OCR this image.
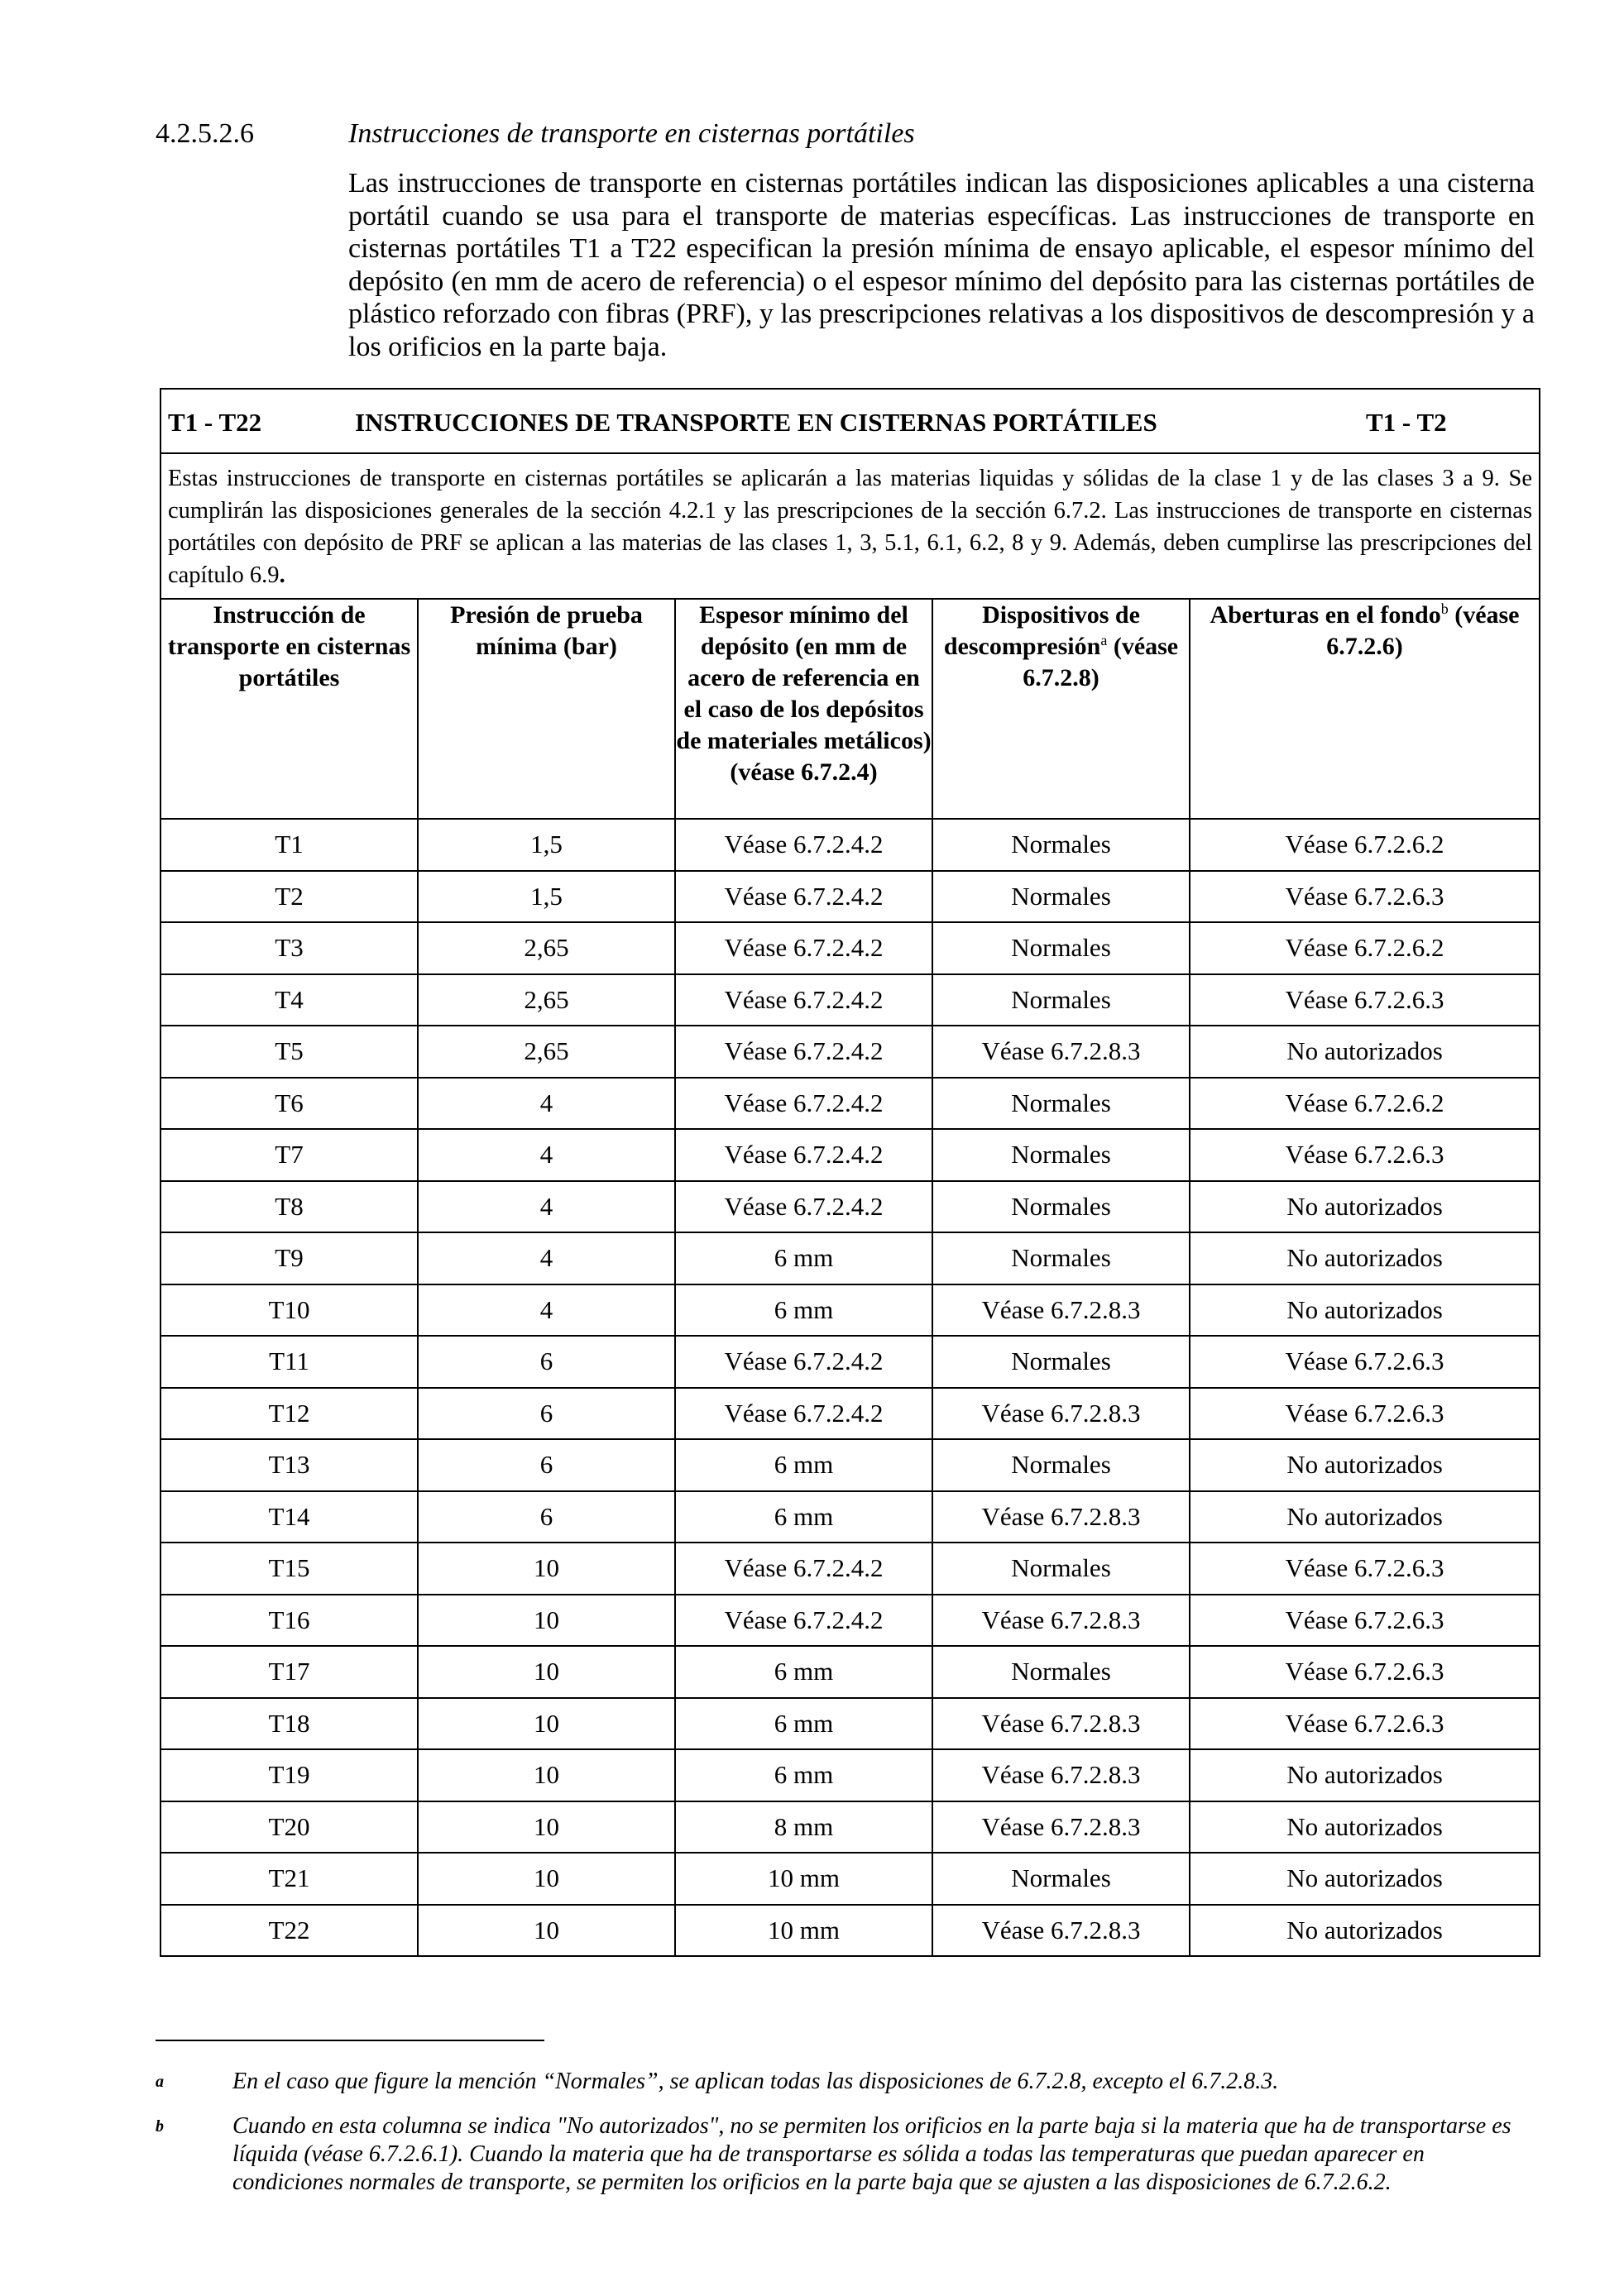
4.2.5.2.6	Instrucciones de transporte en cisternas portátiles

Las instrucciones de transporte en cisternas portátiles indican las disposiciones aplicables a una cisterna portátil cuando se usa para el transporte de materias específicas. Las instrucciones de transporte en cisternas portátiles T1 a T22 especifican la presión mínima de ensayo aplicable, el espesor mínimo del depósito (en mm de acero de referencia) o el espesor mínimo del depósito para las cisternas portátiles de plástico reforzado con fibras (PRF), y las prescripciones relativas a los dispositivos de descompresión y a los orificios en la parte baja.

T1 - T22 INSTRUCCIONES DE TRANSPORTE EN CISTERNAS PORTÁTILES T1 - T2				

Estas instrucciones de transporte en cisternas portátiles se aplicarán a las materias liquidas y sólidas de la clase 1 y de las clases 3 a 9. Se cumplirán las disposiciones generales de la sección 4.2.1 y las prescripciones de la sección 6.7.2. Las instrucciones de transporte en cisternas portátiles con depósito de PRF se aplican a las materias de las clases 1, 3, 5.1, 6.1, 6.2, 8 y 9. Además, deben cumplirse las prescripciones del capítulo 6.9.				
Instrucción de transporte en cisternas portátiles	Presión de prueba mínima (bar)	Espesor mínimo del depósito (en mm de acero de referencia en el caso de los depósitos de materiales metálicos) (véase 6.7.2.4)	Dispositivos de descompresión$^a$ (véase 6.7.2.8)	Aberturas en el fondo$^b$ (véase 6.7.2.6)
T1	1,5	Véase 6.7.2.4.2	Normales	Véase 6.7.2.6.2
T2	1,5	Véase 6.7.2.4.2	Normales	Véase 6.7.2.6.3
T3	2,65	Véase 6.7.2.4.2	Normales	Véase 6.7.2.6.2
T4	2,65	Véase 6.7.2.4.2	Normales	Véase 6.7.2.6.3
T5	2,65	Véase 6.7.2.4.2	Véase 6.7.2.8.3	No autorizados
T6	4	Véase 6.7.2.4.2	Normales	Véase 6.7.2.6.2
T7	4	Véase 6.7.2.4.2	Normales	Véase 6.7.2.6.3
T8	4	Véase 6.7.2.4.2	Normales	No autorizados
T9	4	6 mm	Normales	No autorizados
T10	4	6 mm	Véase 6.7.2.8.3	No autorizados
T11	6	Véase 6.7.2.4.2	Normales	Véase 6.7.2.6.3
T12	6	Véase 6.7.2.4.2	Véase 6.7.2.8.3	Véase 6.7.2.6.3
T13	6	6 mm	Normales	No autorizados
T14	6	6 mm	Véase 6.7.2.8.3	No autorizados
T15	10	Véase 6.7.2.4.2	Normales	Véase 6.7.2.6.3
T16	10	Véase 6.7.2.4.2	Véase 6.7.2.8.3	Véase 6.7.2.6.3
T17	10	6 mm	Normales	Véase 6.7.2.6.3
T18	10	6 mm	Véase 6.7.2.8.3	Véase 6.7.2.6.3
T19	10	6 mm	Véase 6.7.2.8.3	No autorizados
T20	10	8 mm	Véase 6.7.2.8.3	No autorizados
T21	10	10 mm	Normales	No autorizados
T22	10	10 mm	Véase 6.7.2.8.3	No autorizados
a	En el caso que figure la mención “Normales”, se aplican todas las disposiciones de 6.7.2.8, excepto el 6.7.2.8.3.
b	Cuando en esta columna se indica "No autorizados", no se permiten los orificios en la parte baja si la materia que ha de transportarse es líquida (véase 6.7.2.6.1). Cuando la materia que ha de transportarse es sólida a todas las temperaturas que puedan aparecer en condiciones normales de transporte, se permiten los orificios en la parte baja que se ajusten a las disposiciones de 6.7.2.6.2.
